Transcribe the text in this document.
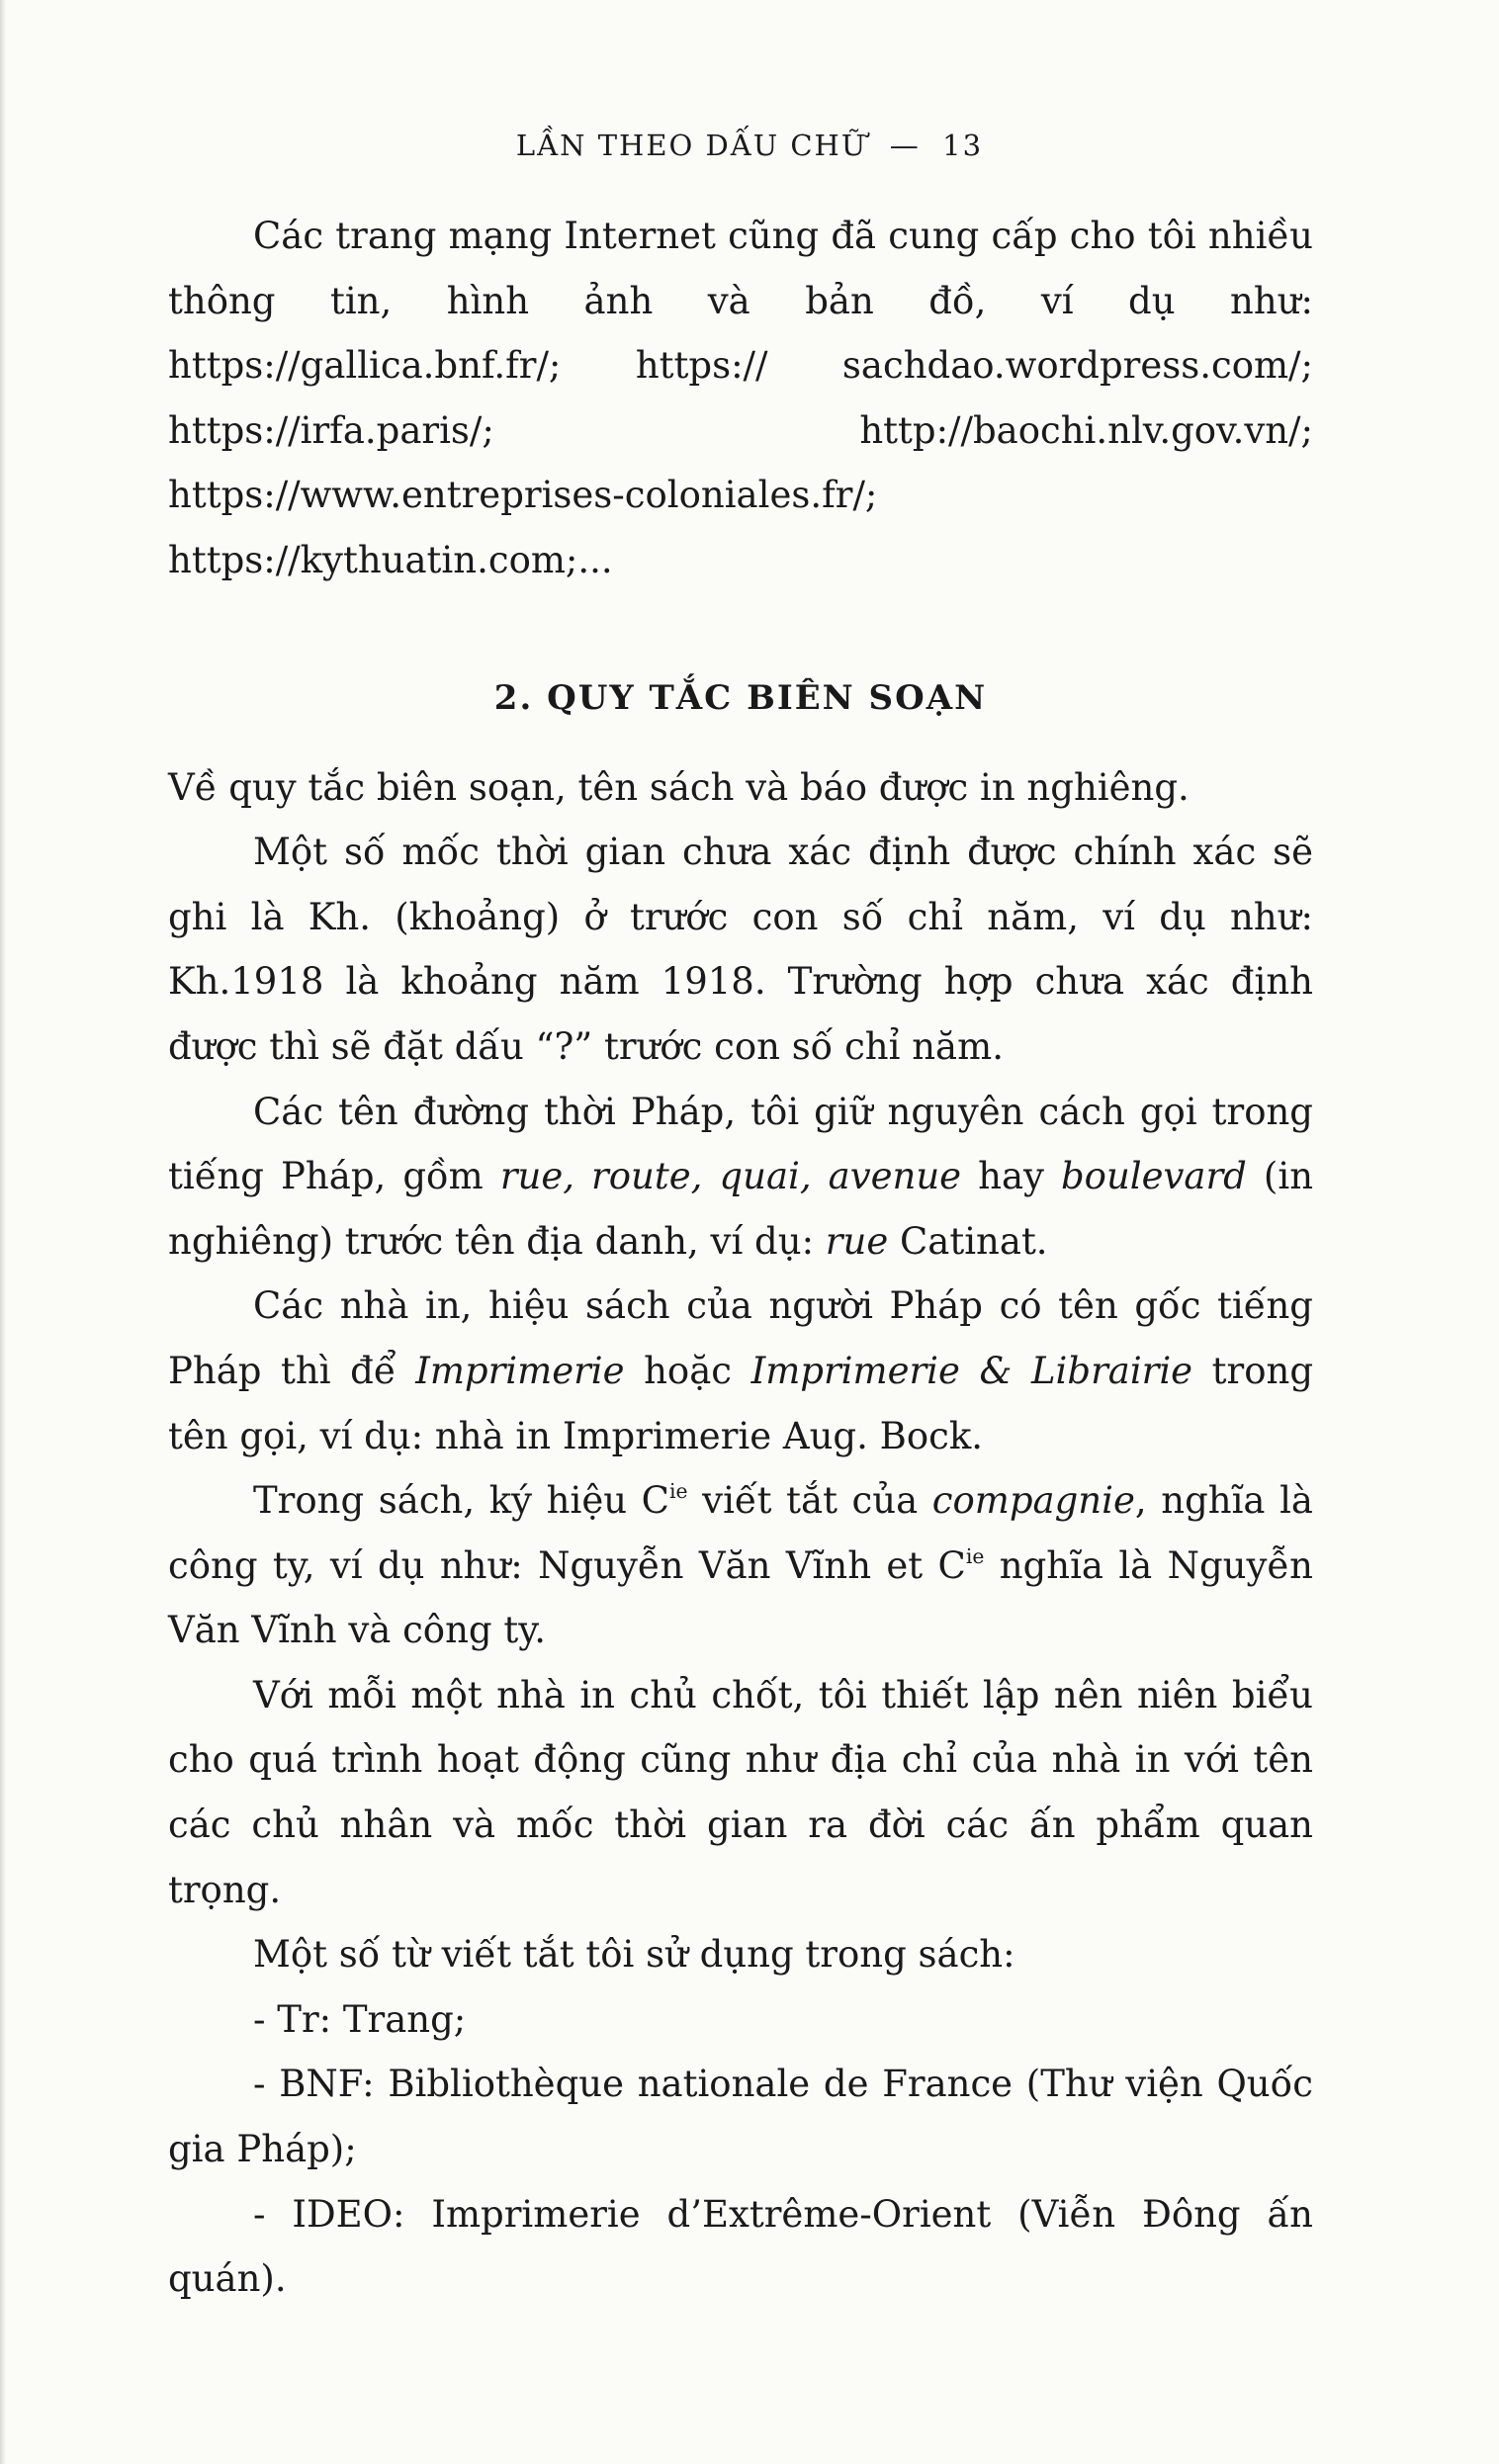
LẦN THEO DẤU CHỮ — 13

Các trang mạng Internet cũng đã cung cấp cho tôi nhiều thông tin, hình ảnh và bản đồ, ví dụ như: https://gallica.bnf.fr/; https:// sachdao.wordpress.com/; https://irfa.paris/; http://baochi.nlv.gov.vn/; https://www.entreprises-coloniales.fr/; https://kythuatin.com;...

2. QUY TẮC BIÊN SOẠN

Về quy tắc biên soạn, tên sách và báo được in nghiêng.

Một số mốc thời gian chưa xác định được chính xác sẽ ghi là Kh. (khoảng) ở trước con số chỉ năm, ví dụ như: Kh.1918 là khoảng năm 1918. Trường hợp chưa xác định được thì sẽ đặt dấu “?” trước con số chỉ năm.

Các tên đường thời Pháp, tôi giữ nguyên cách gọi trong tiếng Pháp, gồm rue, route, quai, avenue hay boulevard (in nghiêng) trước tên địa danh, ví dụ: rue Catinat.

Các nhà in, hiệu sách của người Pháp có tên gốc tiếng Pháp thì để Imprimerie hoặc Imprimerie & Librairie trong tên gọi, ví dụ: nhà in Imprimerie Aug. Bock.

Trong sách, ký hiệu $C^{ie}$ viết tắt của compagnie, nghĩa là công ty, ví dụ như: Nguyễn Văn Vĩnh et $C^{ie}$ nghĩa là Nguyễn Văn Vĩnh và công ty.

Với mỗi một nhà in chủ chốt, tôi thiết lập nên niên biểu cho quá trình hoạt động cũng như địa chỉ của nhà in với tên các chủ nhân và mốc thời gian ra đời các ấn phẩm quan trọng.

Một số từ viết tắt tôi sử dụng trong sách:

- Tr: Trang;

- BNF: Bibliothèque nationale de France (Thư viện Quốc gia Pháp);

- IDEO: Imprimerie d’Extrême-Orient (Viễn Đông ấn quán).
